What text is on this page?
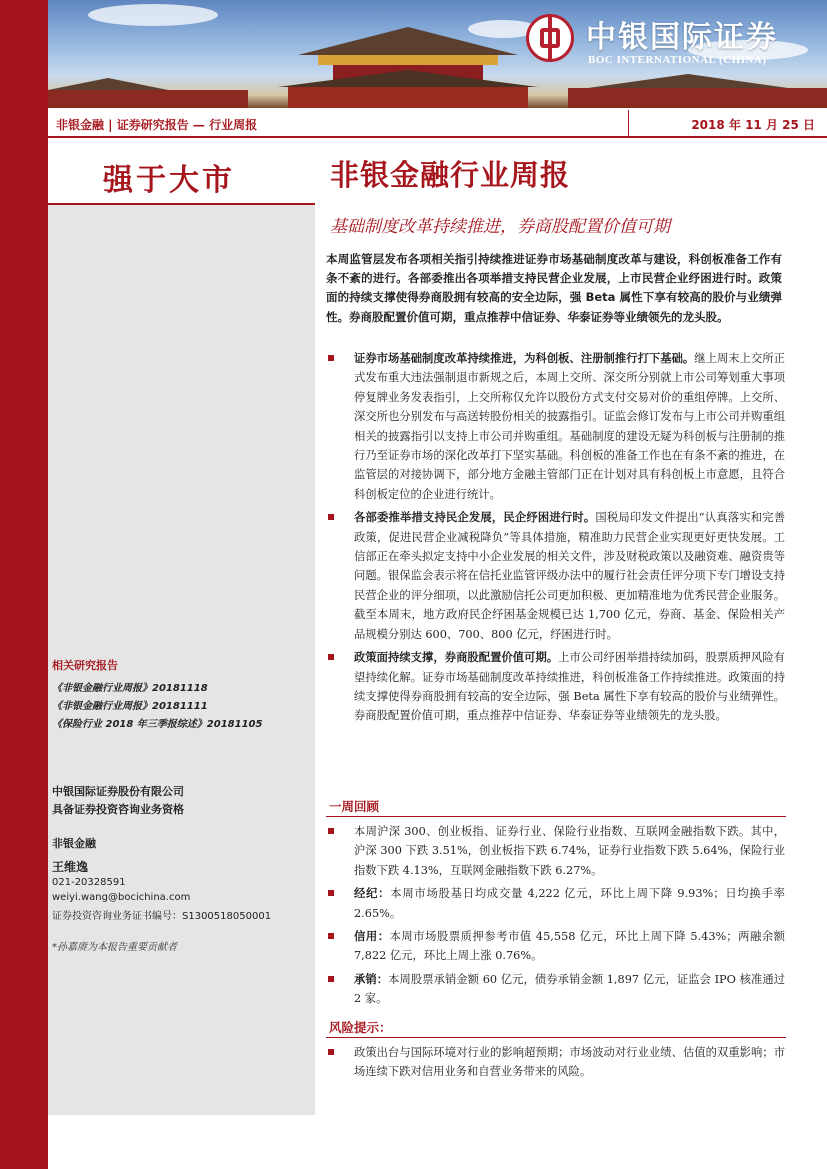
中银国际证券
BOC INTERNATIONAL (CHINA)
非银金融 | 证券研究报告 — 行业周报	2018 年 11 月 25 日
强于大市
相关研究报告
《非银金融行业周报》20181118
《非银金融行业周报》20181111
《保险行业 2018 年三季报综述》20181105
中银国际证券股份有限公司
具备证券投资咨询业务资格
非银金融
王维逸
021-20328591
weiyi.wang@bocichina.com
证券投资咨询业务证书编号：S1300518050001
*孙嘉赓为本报告重要贡献者
非银金融行业周报
基础制度改革持续推进，券商股配置价值可期
本周监管层发布各项相关指引持续推进证券市场基础制度改革与建设，科创板准备工作有条不紊的进行。各部委推出各项举措支持民营企业发展，上市民营企业纾困进行时。政策面的持续支撑使得券商股拥有较高的安全边际，强 Beta 属性下享有较高的股价与业绩弹性。券商股配置价值可期，重点推荐中信证券、华泰证券等业绩领先的龙头股。
证券市场基础制度改革持续推进，为科创板、注册制推行打下基础。继上周末上交所正式发布重大违法强制退市新规之后，本周上交所、深交所分别就上市公司筹划重大事项停复牌业务发表指引，上交所称仅允许以股份方式支付交易对价的重组停牌。上交所、深交所也分别发布与高送转股份相关的披露指引。证监会修订发布与上市公司并购重组相关的披露指引以支持上市公司并购重组。基础制度的建设无疑为科创板与注册制的推行乃至证券市场的深化改革打下坚实基础。科创板的准备工作也在有条不紊的推进，在监管层的对接协调下，部分地方金融主管部门正在计划对具有科创板上市意愿，且符合科创板定位的企业进行统计。
各部委推举措支持民企发展，民企纾困进行时。国税局印发文件提出“认真落实和完善政策，促进民营企业减税降负”等具体措施，精准助力民营企业实现更好更快发展。工信部正在牵头拟定支持中小企业发展的相关文件，涉及财税政策以及融资难、融资贵等问题。银保监会表示将在信托业监管评级办法中的履行社会责任评分项下专门增设支持民营企业的评分细项，以此激励信托公司更加积极、更加精准地为优秀民营企业服务。截至本周末，地方政府民企纾困基金规模已达 1,700 亿元，券商、基金、保险相关产品规模分别达 600、700、800 亿元，纾困进行时。
政策面持续支撑，券商股配置价值可期。上市公司纾困举措持续加码，股票质押风险有望持续化解。证券市场基础制度改革持续推进，科创板准备工作持续推进。政策面的持续支撑使得券商股拥有较高的安全边际，强 Beta 属性下享有较高的股价与业绩弹性。券商股配置价值可期，重点推荐中信证券、华泰证券等业绩领先的龙头股。
一周回顾
本周沪深 300、创业板指、证券行业、保险行业指数、互联网金融指数下跌。其中，沪深 300 下跌 3.51%，创业板指下跌 6.74%，证券行业指数下跌 5.64%，保险行业指数下跌 4.13%，互联网金融指数下跌 6.27%。
经纪：本周市场股基日均成交量 4,222 亿元，环比上周下降 9.93%；日均换手率 2.65%。
信用：本周市场股票质押参考市值 45,558 亿元，环比上周下降 5.43%；两融余额 7,822 亿元，环比上周上涨 0.76%。
承销：本周股票承销金额 60 亿元，债券承销金额 1,897 亿元，证监会 IPO 核准通过 2 家。
风险提示：
政策出台与国际环境对行业的影响超预期；市场波动对行业业绩、估值的双重影响；市场连续下跌对信用业务和自营业务带来的风险。
